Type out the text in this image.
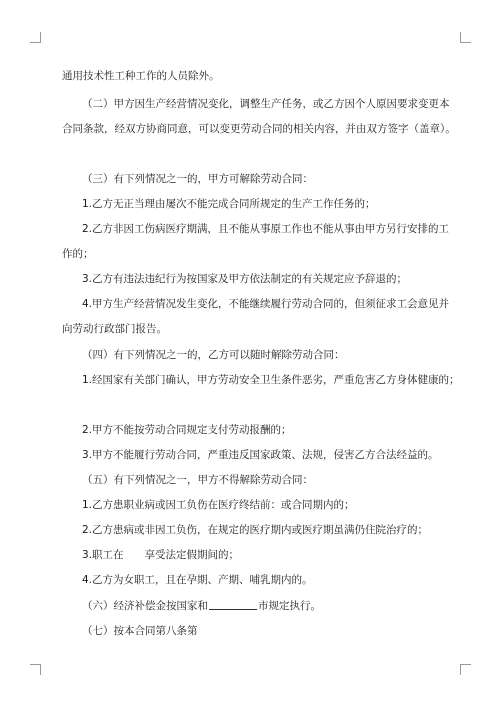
通用技术性工种工作的人员除外。
（二）甲方因生产经营情况变化，调整生产任务，或乙方因个人原因要求变更本
合同条款，经双方协商同意，可以变更劳动合同的相关内容，并由双方签字（盖章）。
（三）有下列情况之一的，甲方可解除劳动合同：
1.乙方无正当理由屡次不能完成合同所规定的生产工作任务的；
2.乙方非因工伤病医疗期满，且不能从事原工作也不能从事由甲方另行安排的工
作的；
3.乙方有违法违纪行为按国家及甲方依法制定的有关规定应予辞退的；
4.甲方生产经营情况发生变化，不能继续履行劳动合同的，但须征求工会意见并
向劳动行政部门报告。
（四）有下列情况之一的，乙方可以随时解除劳动合同：
1.经国家有关部门确认，甲方劳动安全卫生条件恶劣，严重危害乙方身体健康的；
2.甲方不能按劳动合同规定支付劳动报酬的；
3.甲方不能履行劳动合同，严重违反国家政策、法规，侵害乙方合法经益的。
（五）有下列情况之一，甲方不得解除劳动合同：
1.乙方患职业病或因工负伤在医疗终结前：或合同期内的；
2.乙方患病或非因工负伤，在规定的医疗期内或医疗期虽满仍住院治疗的；
3.职工在　　享受法定假期间的；
4.乙方为女职工，且在孕期、产期、哺乳期内的。
（六）经济补偿金按国家和	市规定执行。
（七）按本合同第八条第
